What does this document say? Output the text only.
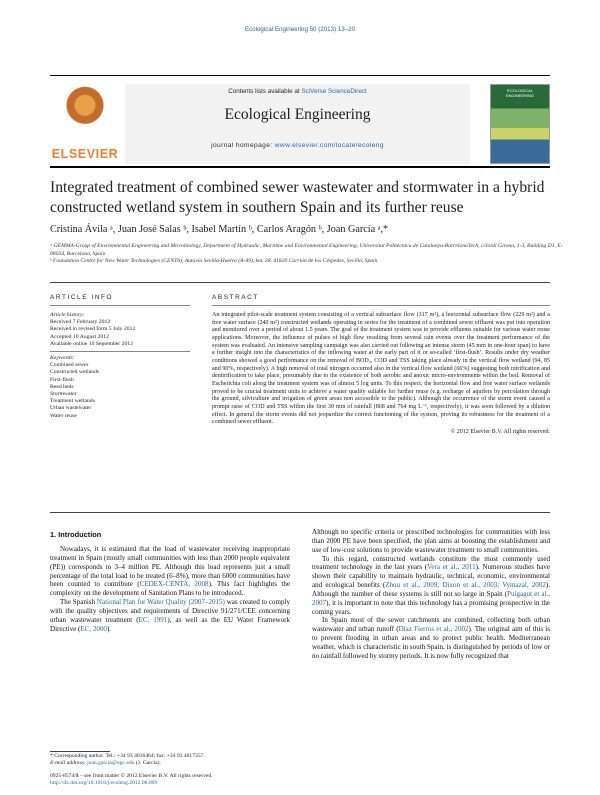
Ecological Engineering 50 (2013) 13–20
ELSEVIER
Contents lists available at SciVerse ScienceDirect
Ecological Engineering
journal homepage: www.elsevier.com/locate/ecoleng
ECOLOGICAL ENGINEERING
Integrated treatment of combined sewer wastewater and stormwater in a hybrid constructed wetland system in southern Spain and its further reuse
Cristina Ávila ᵃ, Juan José Salas ᵇ, Isabel Martín ᵇ, Carlos Aragón ᵇ, Joan García ᵃ,*
ᵃ GEMMA-Group of Environmental Engineering and Microbiology, Department of Hydraulic, Maritime and Environmental Engineering, Universitat Politècnica de Catalunya-BarcelonaTech, c/Jordi Girona, 1-3, Building D1, E-08034, Barcelona, Spain
ᵇ Foundation Centre for New Water Technologies (CENTA), Autovía Sevilla-Huelva (A-49), km. 28. 41820 Carrión de los Céspedes, Sevilla, Spain
ARTICLE INFO	ABSTRACT
Article history:
Received 7 February 2012
Received in revised form 5 July 2012
Accepted 10 August 2012
Available online 10 September 2012
Keywords:
Combined sewer
Constructed wetlands
First-flush
Reed beds
Stormwater
Treatment wetlands
Urban wastewater
Water reuse
An integrated pilot-scale treatment system consisting of a vertical subsurface flow (317 m²), a horizontal subsurface flow (229 m²) and a free water surface (240 m²) constructed wetlands operating in series for the treatment of a combined sewer effluent was put into operation and monitored over a period of about 1.5 years. The goal of the treatment system was to provide effluents suitable for various water reuse applications. Moreover, the influence of pulses of high flow resulting from several rain events over the treatment performance of the system was evaluated. An intensive sampling campaign was also carried out following an intense storm (45 mm in one-hour span) to have a further insight into the characteristics of the inflowing water at the early part of it or so-called ‘first-flush’. Results under dry weather conditions showed a good performance on the removal of BOD₅, COD and TSS taking place already in the vertical flow wetland (94, 85 and 90%, respectively). A high removal of total nitrogen occurred also in the vertical flow wetland (66%) suggesting both nitrification and denitrification to take place, presumably due to the existence of both aerobic and anoxic micro-environments within the bed. Removal of Escherichia coli along the treatment system was of almost 5 log units. To this respect, the horizontal flow and free water surface wetlands proved to be crucial treatment units to achieve a water quality suitable for further reuse (e.g. recharge of aquifers by percolation through the ground, silviculture and irrigation of green areas non accessible to the public). Although the occurrence of the storm event caused a prompt raise of COD and TSS within the first 30 min of rainfall (868 and 764 mg L⁻¹, respectively), it was soon followed by a dilution effect. In general the storm events did not jeopardize the correct functioning of the system, proving its robustness for the treatment of a combined sewer effluent.
© 2012 Elsevier B.V. All rights reserved.
1. Introduction

Nowadays, it is estimated that the load of wastewater receiving inappropriate treatment in Spain (mostly small communities with less than 2000 people equivalent (PE)) corresponds to 3–4 million PE. Although this load represents just a small percentage of the total load to be treated (6–8%), more than 6000 communities have been counted to contribute (CEDEX-CENTA, 2008). This fact highlights the complexity on the development of Sanitation Plans to be introduced.

The Spanish National Plan for Water Quality (2007–2015) was created to comply with the quality objectives and requirements of Directive 91/271/CEE concerning urban wastewater treatment (EC, 1991), as well as the EU Water Framework Directive (EC, 2000).

Although no specific criteria or prescribed technologies for communities with less than 2000 PE have been specified, the plan aims at boosting the establishment and use of low-cost solutions to provide wastewater treatment to small communities.

To this regard, constructed wetlands constitute the most commonly used treatment technology in the last years (Vera et al., 2011). Numerous studies have shown their capability to maintain hydraulic, technical, economic, environmental and ecological benefits (Zhou et al., 2009; Dixon et al., 2003; Vymazal, 2002). Although the number of these systems is still not so large in Spain (Puigagut et al., 2007), it is important to note that this technology has a promising prospective in the coming years.

In Spain most of the sewer catchments are combined, collecting both urban wastewater and urban runoff (Díaz Fierros et al., 2002). The original aim of this is to prevent flooding in urban areas and to protect public health. Mediterranean weather, which is characteristic in south Spain, is distinguished by periods of low or no rainfall followed by stormy periods. It is now fully recognized that

* Corresponding author. Tel.: +34 93 4016464; fax: +34 93 4017357.
E-mail address: joan.garcia@upc.edu (J. García).
0925-8574/$ – see front matter © 2012 Elsevier B.V. All rights reserved.
http://dx.doi.org/10.1016/j.ecoleng.2012.08.009
